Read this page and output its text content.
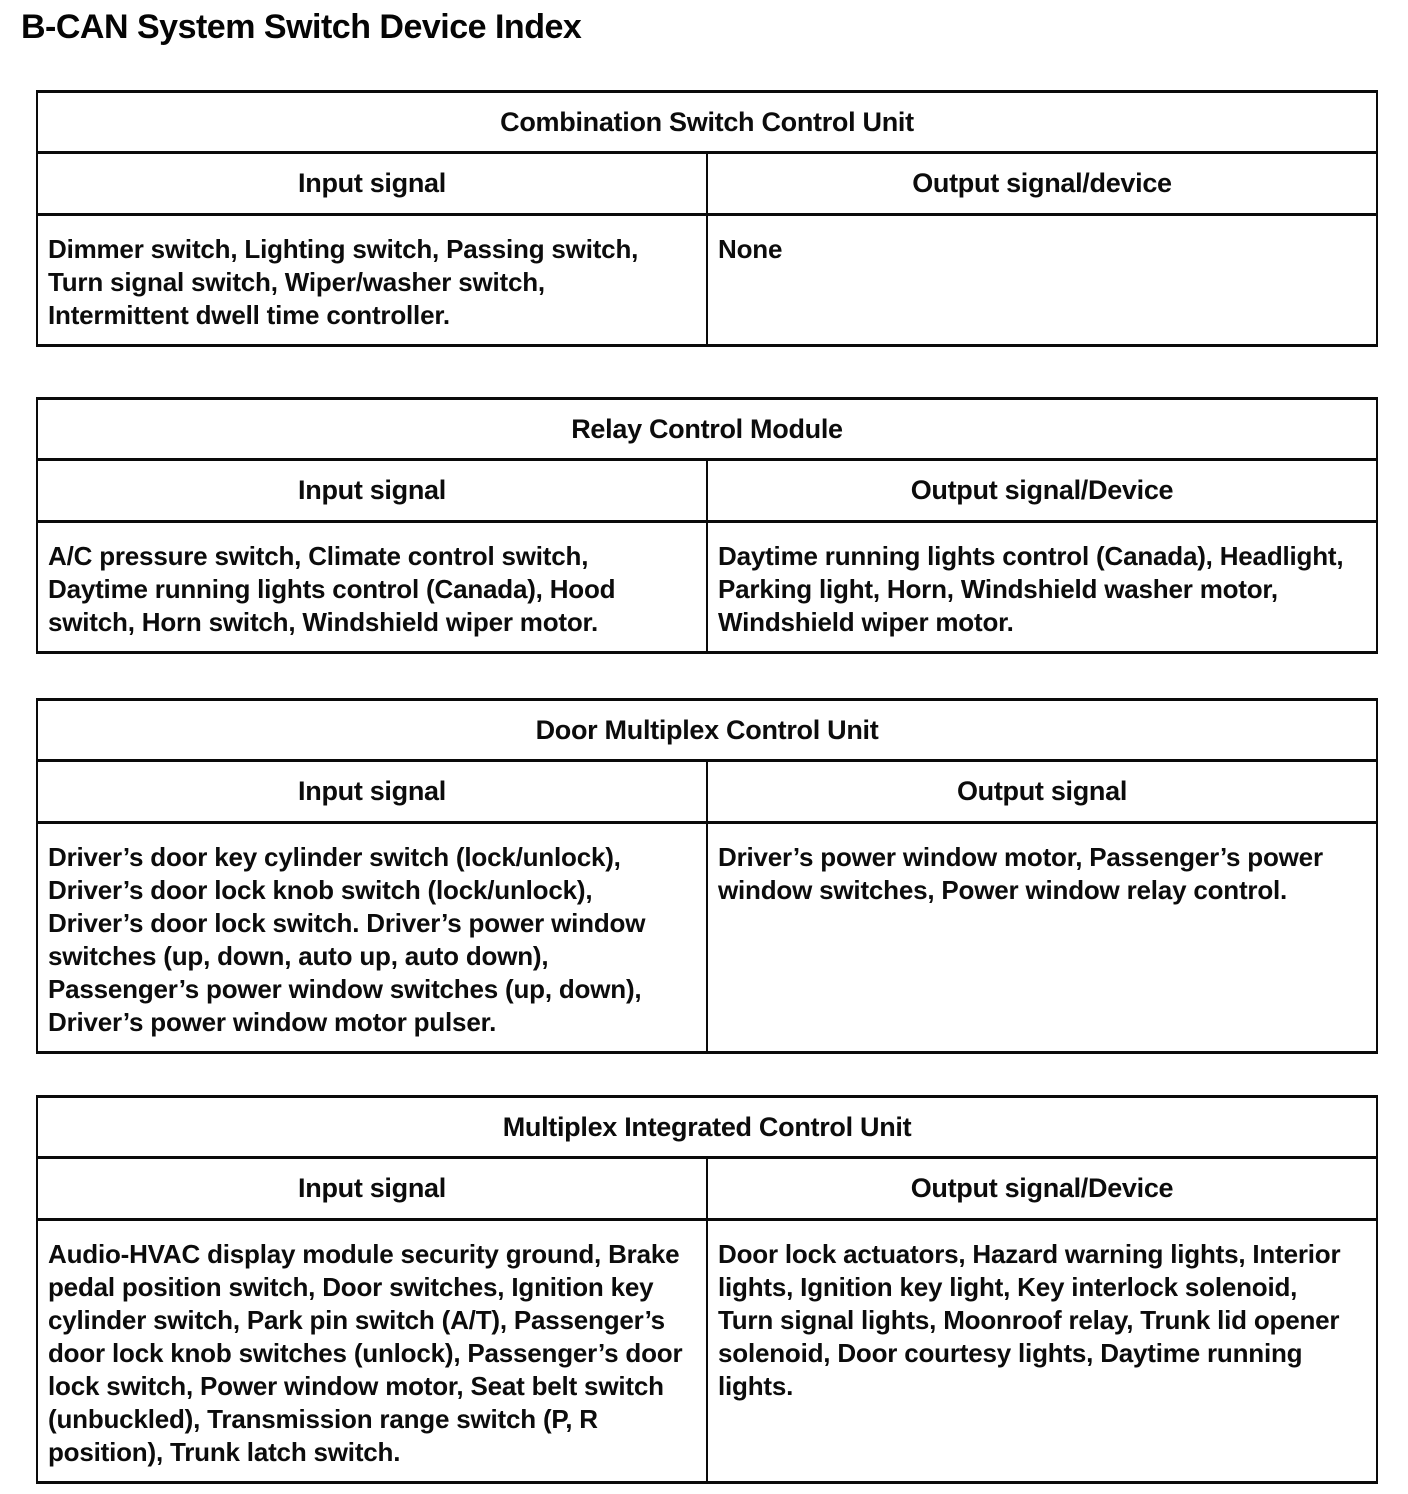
B-CAN System Switch Device Index
Combination Switch Control Unit	
Input signal	Output signal/device
Dimmer switch, Lighting switch, Passing switch, Turn signal switch, Wiper/washer switch, Intermittent dwell time controller.	None
Relay Control Module	
Input signal	Output signal/Device
A/C pressure switch, Climate control switch, Daytime running lights control (Canada), Hood switch, Horn switch, Windshield wiper motor.	Daytime running lights control (Canada), Headlight, Parking light, Horn, Windshield washer motor, Windshield wiper motor.
Door Multiplex Control Unit	
Input signal	Output signal
Driver’s door key cylinder switch (lock/unlock), Driver’s door lock knob switch (lock/unlock), Driver’s door lock switch. Driver’s power window switches (up, down, auto up, auto down), Passenger’s power window switches (up, down), Driver’s power window motor pulser.	Driver’s power window motor, Passenger’s power window switches, Power window relay control.
Multiplex Integrated Control Unit	
Input signal	Output signal/Device
Audio-HVAC display module security ground, Brake pedal position switch, Door switches, Ignition key cylinder switch, Park pin switch (A/T), Passenger’s door lock knob switches (unlock), Passenger’s door lock switch, Power window motor, Seat belt switch (unbuckled), Transmission range switch (P, R position), Trunk latch switch.	Door lock actuators, Hazard warning lights, Interior lights, Ignition key light, Key interlock solenoid, Turn signal lights, Moonroof relay, Trunk lid opener solenoid, Door courtesy lights, Daytime running lights.
